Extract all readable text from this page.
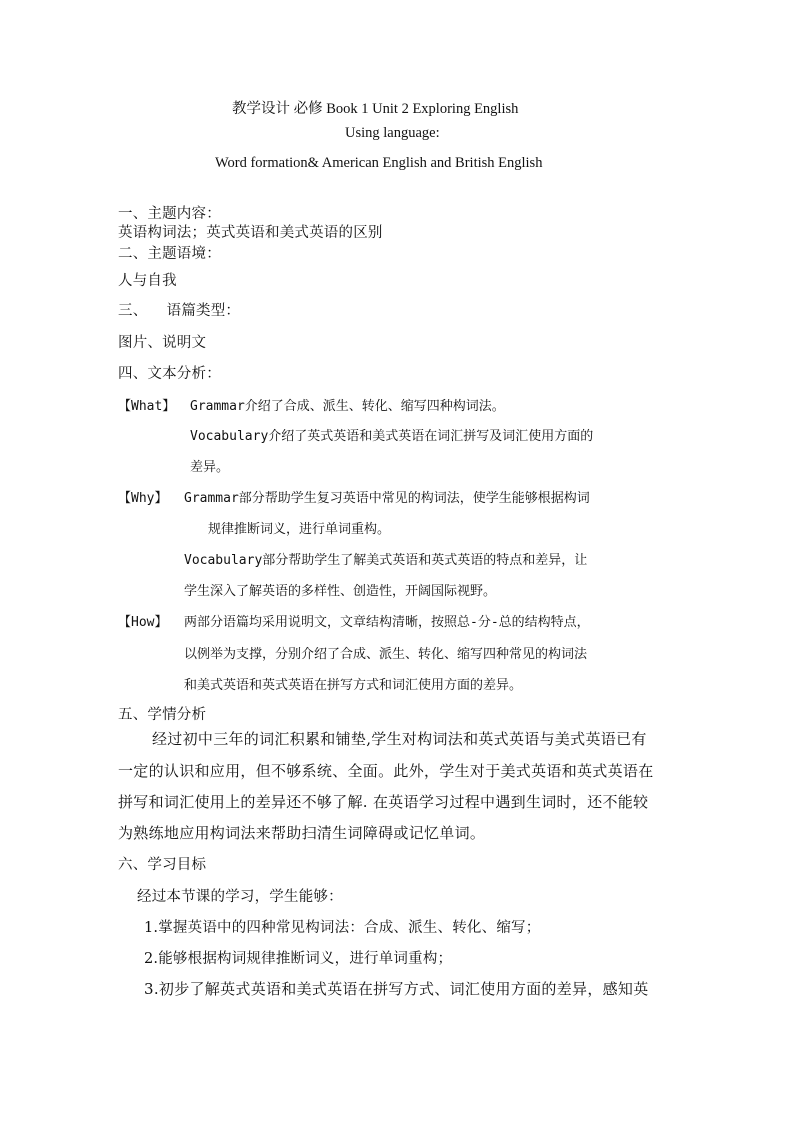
教学设计 必修 Book 1 Unit 2 Exploring English
Using language:
Word formation& American English and British English
一、主题内容：
英语构词法；英式英语和美式英语的区别
二、主题语境：
人与自我
三、    语篇类型：
图片、说明文
四、文本分析：
【What】 Grammar介绍了合成、派生、转化、缩写四种构词法。
Vocabulary介绍了英式英语和美式英语在词汇拼写及词汇使用方面的
差异。
【Why】 Grammar部分帮助学生复习英语中常见的构词法，使学生能够根据构词
规律推断词义，进行单词重构。
Vocabulary部分帮助学生了解美式英语和英式英语的特点和差异，让
学生深入了解英语的多样性、创造性，开阔国际视野。
【How】 两部分语篇均采用说明文，文章结构清晰，按照总-分-总的结构特点，
以例举为支撑，分别介绍了合成、派生、转化、缩写四种常见的构词法
和美式英语和英式英语在拼写方式和词汇使用方面的差异。
五、学情分析
经过初中三年的词汇积累和铺垫,学生对构词法和英式英语与美式英语已有
一定的认识和应用，但不够系统、全面。此外，学生对于美式英语和英式英语在
拼写和词汇使用上的差异还不够了解. 在英语学习过程中遇到生词时，还不能较
为熟练地应用构词法来帮助扫清生词障碍或记忆单词。
六、学习目标
经过本节课的学习，学生能够：
1.掌握英语中的四种常见构词法：合成、派生、转化、缩写；
2.能够根据构词规律推断词义，进行单词重构；
3.初步了解英式英语和美式英语在拼写方式、词汇使用方面的差异，感知英
